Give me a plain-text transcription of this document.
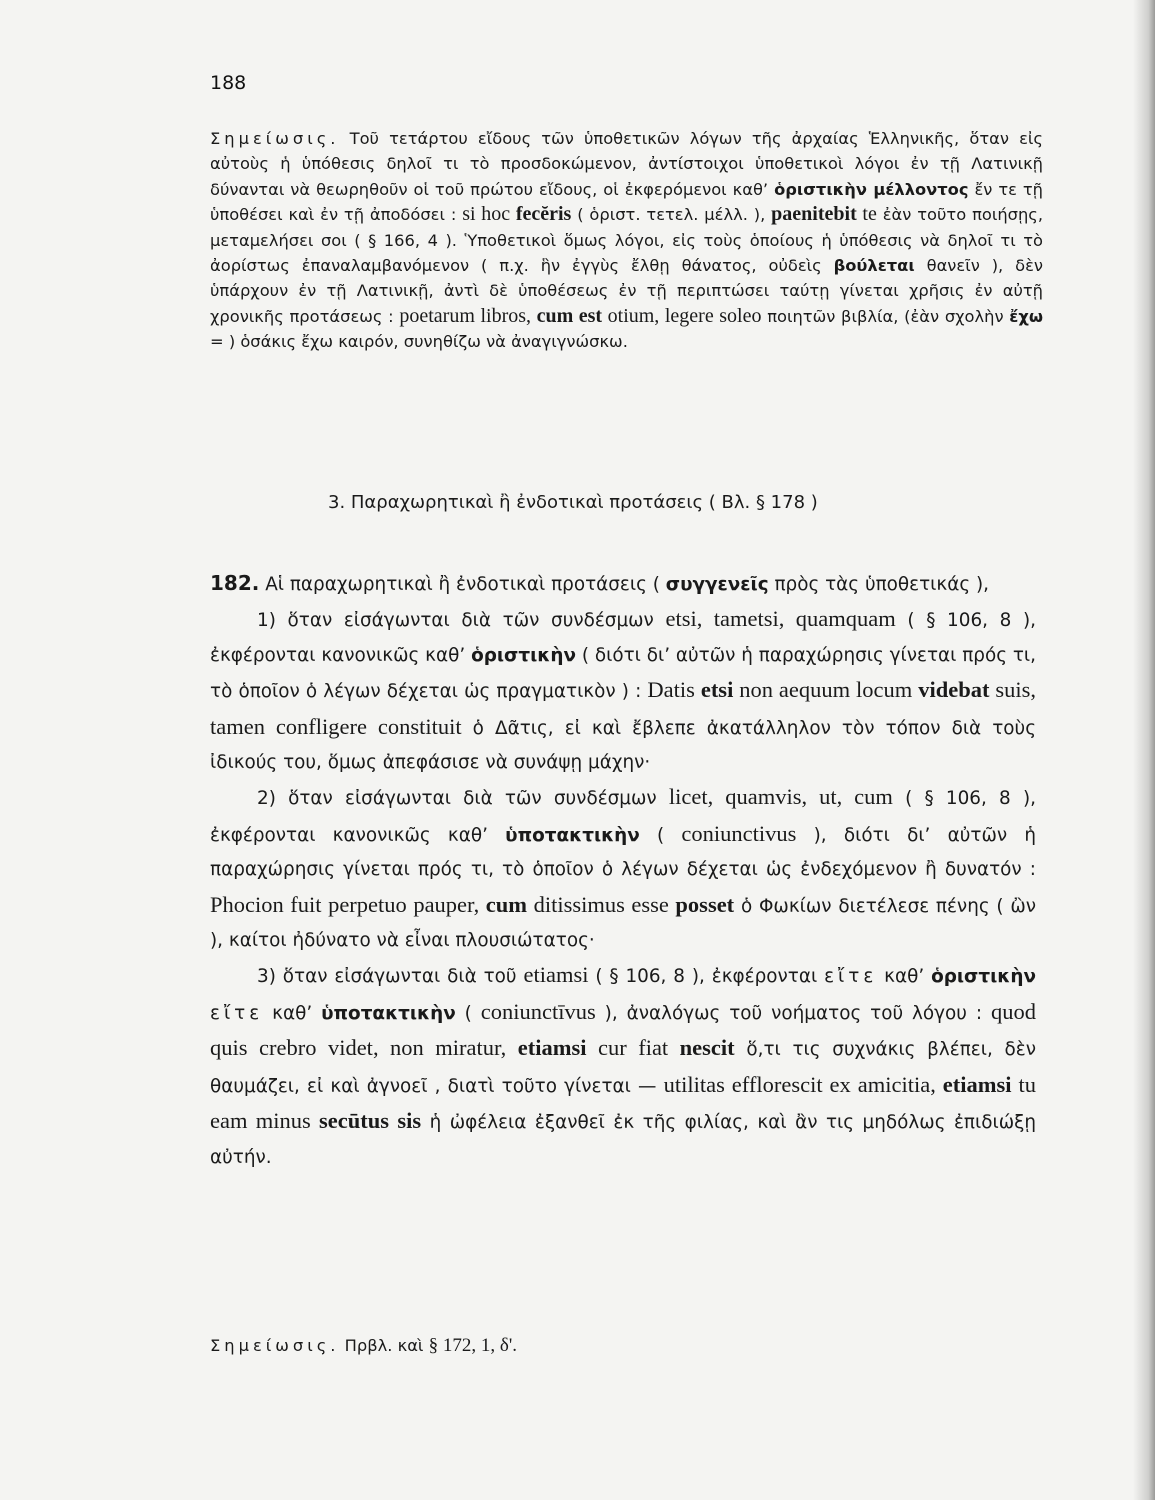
188
Σημείωσις. Τοῦ τετάρτου εἴδους τῶν ὑποθετικῶν λόγων τῆς ἀρχαίας Ἑλληνικῆς, ὅταν εἰς αὐτοὺς ἡ ὑπόθεσις δηλοῖ τι τὸ προσδοκώμενον, ἀντίστοιχοι ὑποθετικοὶ λόγοι ἐν τῇ Λατινικῇ δύνανται νὰ θεωρηθοῦν οἱ τοῦ πρώτου εἴδους, οἱ ἐκφερόμενοι καθ’ ὁριστικὴν μέλλοντος ἔν τε τῇ ὑποθέσει καὶ ἐν τῇ ἀποδόσει : si hoc fecĕris ( ὁριστ. τετελ. μέλλ. ), paenitebit te ἐὰν τοῦτο ποιήσῃς, μεταμελήσει σοι ( § 166, 4 ). Ὑποθετικοὶ ὅμως λόγοι, εἰς τοὺς ὁποίους ἡ ὑπόθεσις νὰ δηλοῖ τι τὸ ἀορίστως ἐπαναλαμβανόμενον ( π.χ. ἣν ἐγγὺς ἔλθῃ θάνατος, οὐδεὶς βούλεται θανεῖν ), δὲν ὑπάρχουν ἐν τῇ Λατινικῇ, ἀντὶ δὲ ὑποθέσεως ἐν τῇ περιπτώσει ταύτῃ γίνεται χρῆσις ἐν αὐτῇ χρονικῆς προτάσεως : poetarum libros, cum est otium, legere soleo ποιητῶν βιβλία, (ἐὰν σχολὴν ἔχω = ) ὁσάκις ἔχω καιρόν, συνηθίζω νὰ ἀναγιγνώσκω.
3. Παραχωρητικαὶ ἢ ἐνδοτικαὶ προτάσεις ( Βλ. § 178 )

182. Αἱ παραχωρητικαὶ ἢ ἐνδοτικαὶ προτάσεις ( συγγενεῖς πρὸς τὰς ὑποθετικάς ),

1) ὅταν εἰσάγωνται διὰ τῶν συνδέσμων etsi, tametsi, quamquam ( § 106, 8 ), ἐκφέρονται κανονικῶς καθ’ ὁριστικὴν ( διότι δι’ αὐτῶν ἡ παραχώρησις γίνεται πρός τι, τὸ ὁποῖον ὁ λέγων δέχεται ὡς πραγματικὸν ) : Datis etsi non aequum locum videbat suis, tamen confligere constituit ὁ Δᾶτις, εἰ καὶ ἔβλεπε ἀκατάλληλον τὸν τόπον διὰ τοὺς ἰδικούς του, ὅμως ἀπεφάσισε νὰ συνάψῃ μάχην·

2) ὅταν εἰσάγωνται διὰ τῶν συνδέσμων licet, quamvis, ut, cum ( § 106, 8 ), ἐκφέρονται κανονικῶς καθ’ ὑποτακτικὴν ( coniunctivus ), διότι δι’ αὐτῶν ἡ παραχώρησις γίνεται πρός τι, τὸ ὁποῖον ὁ λέγων δέχεται ὡς ἐνδεχόμενον ἢ δυνατόν : Phocion fuit perpetuo pauper, cum ditissimus esse posset ὁ Φωκίων διετέλεσε πένης ( ὢν ), καίτοι ἠδύνατο νὰ εἶναι πλουσιώτατος·

3) ὅταν εἰσάγωνται διὰ τοῦ etiamsi ( § 106, 8 ), ἐκφέρονται εἴτε καθ’ ὁριστικὴν εἴτε καθ’ ὑποτακτικὴν ( coniunctīvus ), ἀναλόγως τοῦ νοήματος τοῦ λόγου : quod quis crebro videt, non miratur, etiamsi cur fiat nescit ὅ,τι τις συχνάκις βλέπει, δὲν θαυμάζει, εἰ καὶ ἀγνοεῖ , διατὶ τοῦτο γίνεται — utilitas efflorescit ex amicitia, etiamsi tu eam minus secūtus sis ἡ ὠφέλεια ἐξανθεῖ ἐκ τῆς φιλίας, καὶ ἂν τις μηδόλως ἐπιδιώξῃ αὐτήν.

Σημείωσις. Πρβλ. καὶ § 172, 1, δ'.
